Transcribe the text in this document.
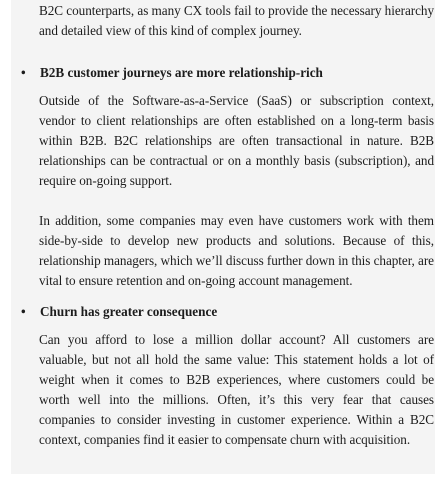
B2C counterparts, as many CX tools fail to provide the necessary hierarchy and detailed view of this kind of complex journey.
• B2B customer journeys are more relationship-rich
Outside of the Software-as-a-Service (SaaS) or subscription context, vendor to client relationships are often established on a long-term basis within B2B. B2C relationships are often transactional in nature. B2B relationships can be contractual or on a monthly basis (subscription), and require on-going support.
In addition, some companies may even have customers work with them side-by-side to develop new products and solutions. Because of this, relationship managers, which we’ll discuss further down in this chapter, are vital to ensure retention and on-going account management.
• Churn has greater consequence
Can you afford to lose a million dollar account? All customers are valuable, but not all hold the same value: This statement holds a lot of weight when it comes to B2B experiences, where customers could be worth well into the millions. Often, it’s this very fear that causes companies to consider investing in customer experience. Within a B2C context, companies find it easier to compensate churn with acquisition.
